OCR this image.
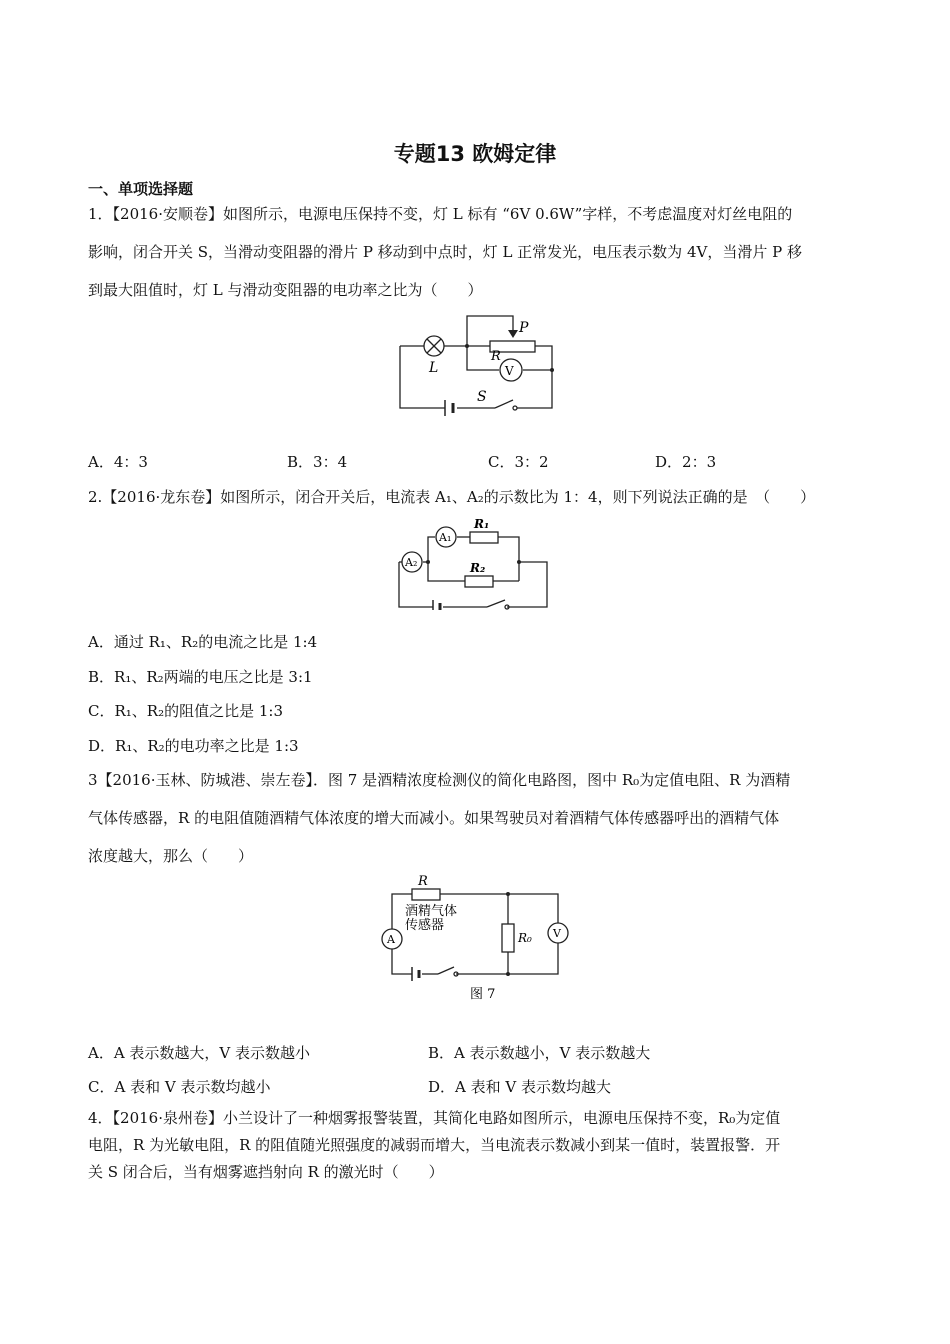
专题13 欧姆定律
一、单项选择题
1．【2016·安顺卷】如图所示，电源电压保持不变，灯 L 标有 “6V 0.6W”字样，不考虑温度对灯丝电阻的
影响，闭合开关 S，当滑动变阻器的滑片 P 移动到中点时，灯 L 正常发光，电压表示数为 4V，当滑片 P 移
到最大阻值时，灯 L 与滑动变阻器的电功率之比为（　　）
L
P
R
V
S
A．4：3	B．3：4	C．3：2	D．2：3
2.【2016·龙东卷】如图所示，闭合开关后，电流表 A₁、A₂的示数比为 1：4，则下列说法正确的是　（　　）
R₁
R₂
A₂
A₁
A．通过 R₁、R₂的电流之比是 1:4
B．R₁、R₂两端的电压之比是 3:1
C．R₁、R₂的阻值之比是 1:3
D．R₁、R₂的电功率之比是 1:3
3【2016·玉林、防城港、崇左卷】．图 7 是酒精浓度检测仪的简化电路图，图中 R₀为定值电阻、R 为酒精
气体传感器，R 的电阻值随酒精气体浓度的增大而减小。如果驾驶员对着酒精气体传感器呼出的酒精气体
浓度越大，那么（　　）
R
酒精气体
传感器
R₀
A	V
图 7
A．A 表示数越大，V 表示数越小	B．A 表示数越小，V 表示数越大
C．A 表和 V 表示数均越小	D．A 表和 V 表示数均越大
4．【2016·泉州卷】小兰设计了一种烟雾报警装置，其简化电路如图所示，电源电压保持不变，R₀为定值
电阻，R 为光敏电阻，R 的阻值随光照强度的减弱而增大，当电流表示数减小到某一值时，装置报警．开
关 S 闭合后，当有烟雾遮挡射向 R 的激光时（　　）
